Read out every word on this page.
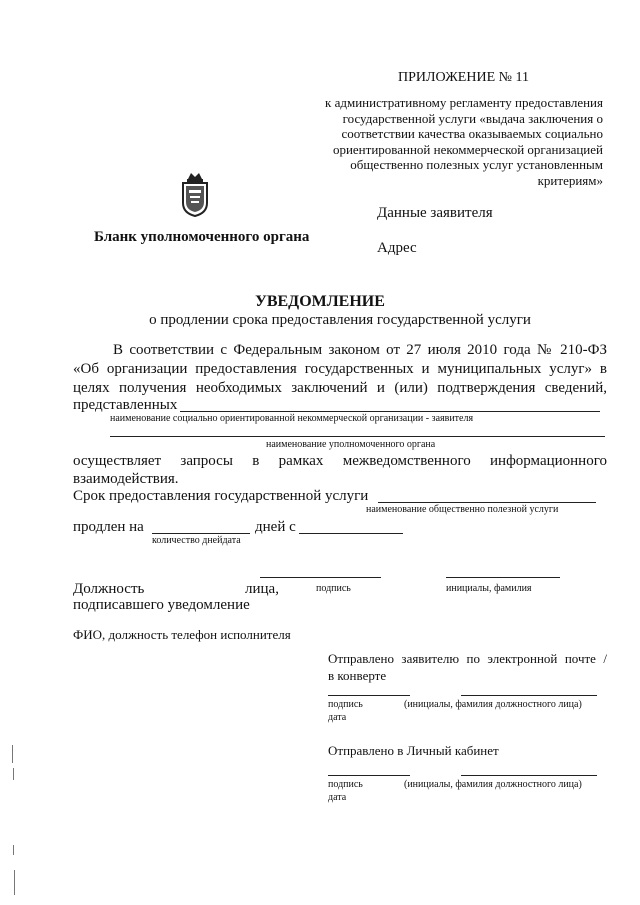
ПРИЛОЖЕНИЕ № 11
к административному регламенту предоставления
государственной услуги «выдача заключения о
соответствии качества оказываемых социально
ориентированной некоммерческой организацией
общественно полезных услуг установленным критериям»
Бланк уполномоченного органа
Данные заявителя
Адрес
УВЕДОМЛЕНИЕ
о продлении срока предоставления государственной услуги
В соответствии с Федеральным законом от 27 июля 2010 года № 210-ФЗ
«Об организации предоставления государственных и муниципальных услуг» в
целях получения необходимых заключений и (или) подтверждения сведений,
представленных
наименование социально ориентированной некоммерческой организации - заявителя
наименование уполномоченного органа
осуществляет запросы в рамках межведомственного информационного
взаимодействия.
Срок предоставления государственной услуги
наименование общественно полезной услуги
продлен на	дней с
количество днейдата
Должность	лица,	подпись	инициалы, фамилия
подписавшего уведомление
ФИО, должность телефон исполнителя
Отправлено заявителю по электронной почте /
в конверте
подпись	(инициалы, фамилия должностного лица)
дата
Отправлено в Личный кабинет
подпись	(инициалы, фамилия должностного лица)
дата
